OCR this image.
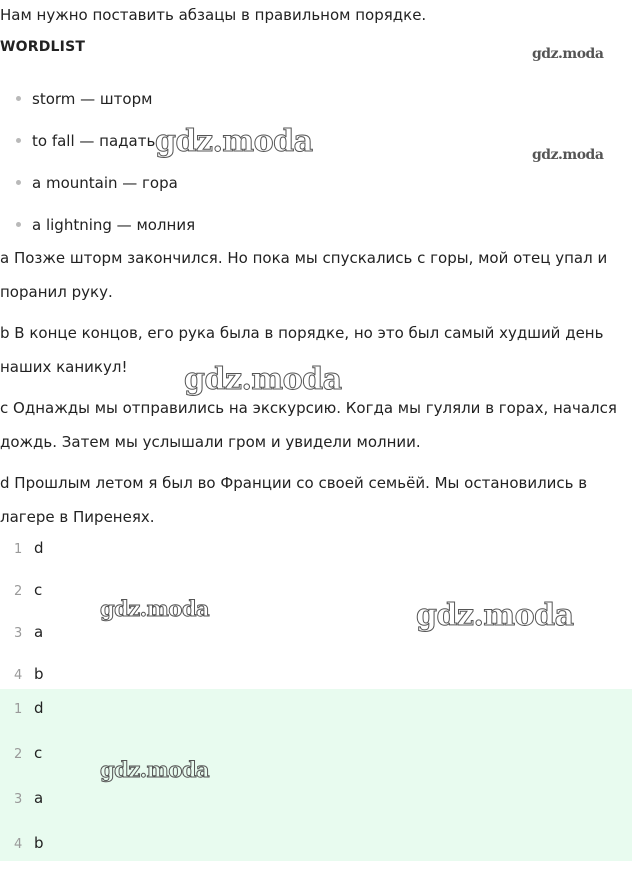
Нам нужно поставить абзацы в правильном порядке.

WORDLIST

storm — шторм
to fall — падать
a mountain — гора
a lightning — молния
a Позже шторм закончился. Но пока мы спускались с горы, мой отец упал и
поранил руку.
b В конце концов, его рука была в порядке, но это был самый худший день
наших каникул!
c Однажды мы отправились на экскурсию. Когда мы гуляли в горах, начался
дождь. Затем мы услышали гром и увидели молнии.
d Прошлым летом я был во Франции со своей семьёй. Мы остановились в
лагере в Пиренеях.
1 d
2 c
3 a
4 b
1 d
2 c
3 a
4 b
gdz.moda
gdz.moda	gdz.moda
gdz.moda
gdz.moda	gdz.moda
gdz.moda
